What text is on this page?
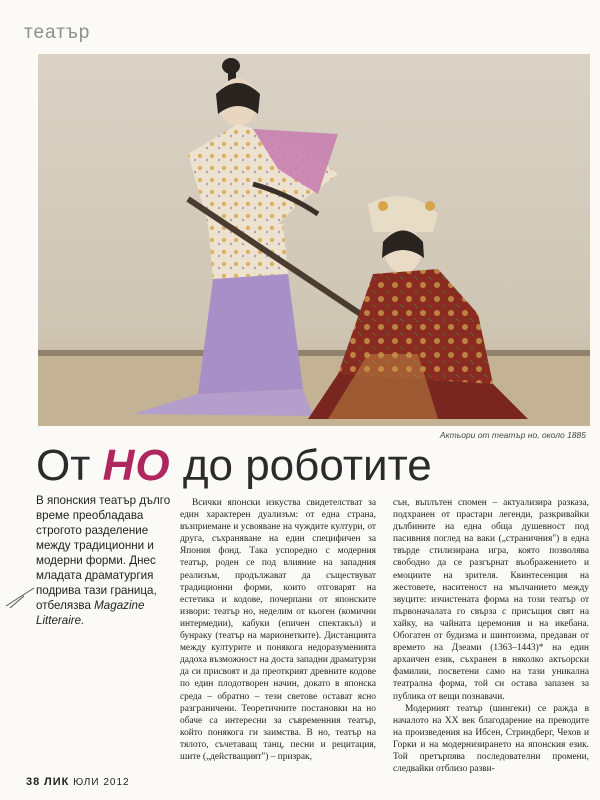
театър
Актьори от театър но, около 1885
От НО до роботите
В японския театър дълго време преобладава строгото разделение между традиционни и модерни форми. Днес младата драматургия подрива тази граница, отбелязва Magazine Litteraire.

Всички японски изкуства свидетелстват за един характерен дуализъм: от една страна, възприемане и усвояване на чуждите култури, от друга, съхраняване на един специфичен за Япония фонд. Така успоредно с модерния театър, роден се под влияние на западния реализъм, продължават да съществуват традиционни форми, които отговарят на естетика и кодове, почерпани от японските извори: театър но, неделим от кьоген (комични интермедии), кабуки (епичен спектакъл) и бунраку (театър на марионетките). Дистанцията между културите и понякога недоразуменията дадоха възможност на доста западни драматурзи да си присвоят и да преоткрият древните кодове по един плодотворен начин, докато в японска среда – обратно – тези светове остават ясно разграничени. Теоретичните постановки на но обаче са интересни за съвременния театър, който понякога ги заимства. В но, театър на тялото, съчетаващ танц, песни и рецитация, шите („действащият") – призрак,

сън, въплътен спомен – актуализира разказа, подхранен от прастари легенди, разкривайки дълбините на една обща душевност под пасивния поглед на ваки („страничния") в една твърде стилизирана игра, която позволява свободно да се разгърнат въображението и емоциите на зрителя. Квинтесенция на жестовете, наситеност на мълчанието между звуците: изчистената форма на този театър от първоначалата го свърза с присъщия свят на хайку, на чайната церемония и на икебана. Обогатен от будизма и шинтоизма, предаван от времето на Дзеами (1363–1443)* на един архаичен език, съхранен в няколко актьорски фамилии, посветени само на тази уникална театрална форма, той си остава запазен за публика от вещи познавачи.

Модерният театър (шингеки) се ражда в началото на ХХ век благодарение на преводите на произведения на Ибсен, Стриндберг, Чехов и Горки и на модернизирането на японския език. Той претърпява последователни промени, следвайки отблизо разви-

38 ЛИК ЮЛИ 2012
